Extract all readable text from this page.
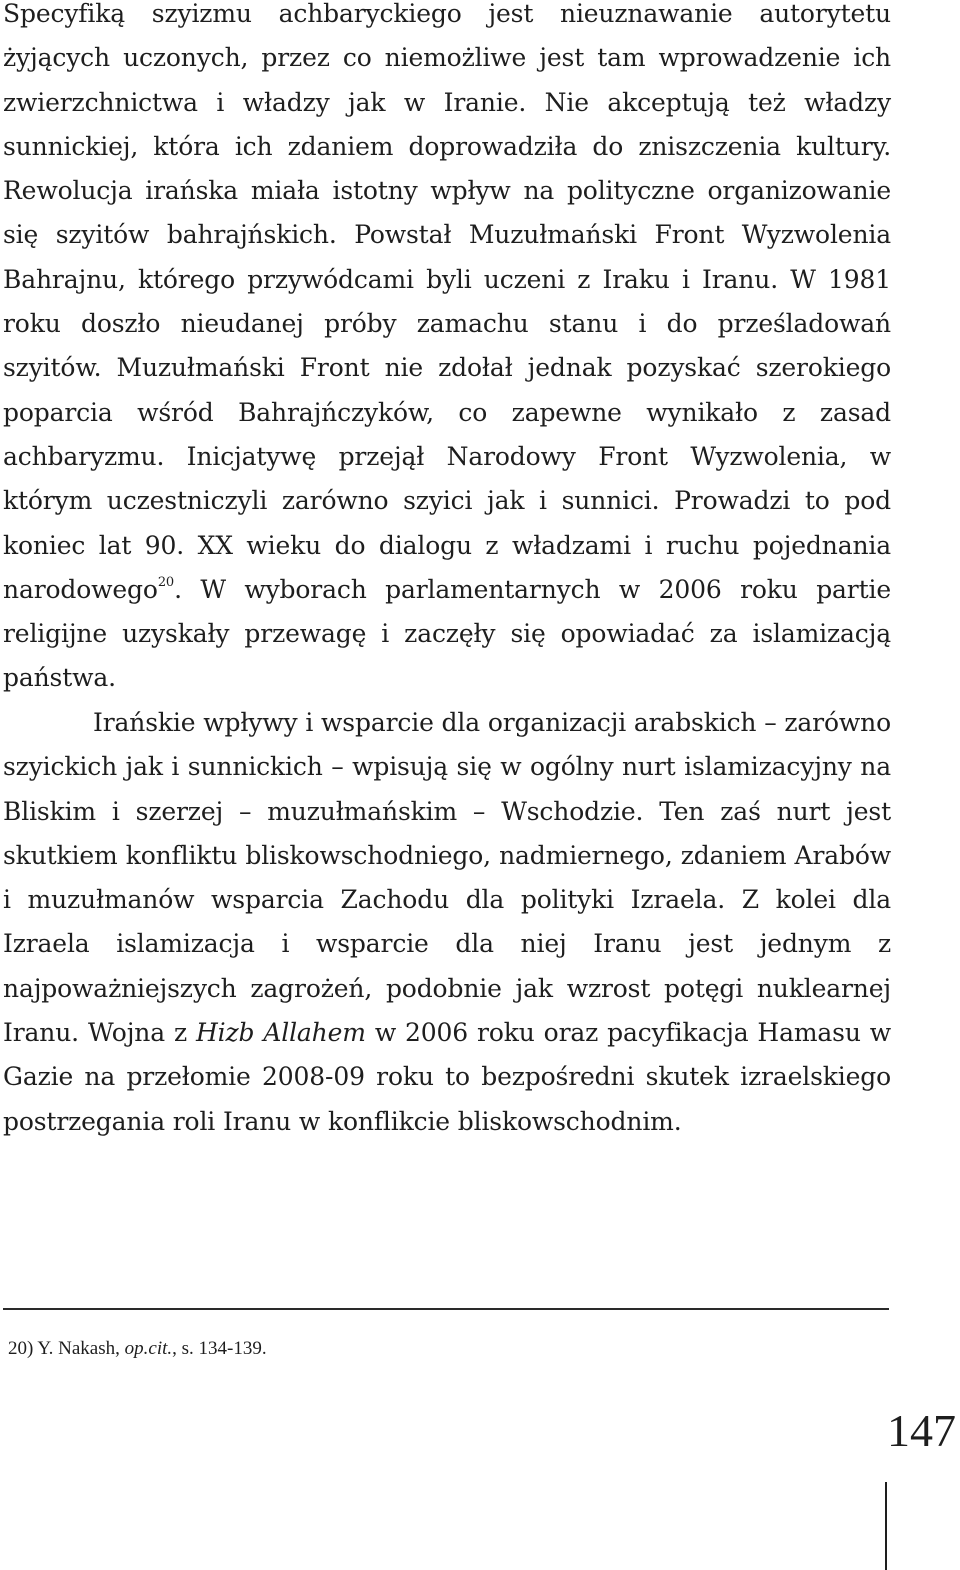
Specyfiką szyizmu achbaryckiego jest nieuznawanie autorytetu żyjących uczonych, przez co niemożliwe jest tam wprowadzenie ich zwierzchnictwa i władzy jak w Iranie. Nie akceptują też władzy sunnickiej, która ich zdaniem doprowadziła do zniszczenia kultury. Rewolucja irańska miała istotny wpływ na polityczne organizowanie się szyitów bahrajńskich. Powstał Muzułmański Front Wyzwolenia Bahrajnu, którego przywódcami byli uczeni z Iraku i Iranu. W 1981 roku doszło nieudanej próby zamachu stanu i do prześladowań szyitów. Muzułmański Front nie zdołał jednak pozyskać szerokiego poparcia wśród Bahrajńczyków, co zapewne wynikało z zasad achbaryzmu. Inicjatywę przejął Narodowy Front Wyzwolenia, w którym uczestniczyli zarówno szyici jak i sunnici. Prowadzi to pod koniec lat 90. XX wieku do dialogu z władzami i ruchu pojednania narodowego$^{20}$. W wyborach parlamentarnych w 2006 roku partie religijne uzyskały przewagę i zaczęły się opowiadać za islamizacją państwa.

Irańskie wpływy i wsparcie dla organizacji arabskich – zarówno szyickich jak i sunnickich – wpisują się w ogólny nurt islamizacyjny na Bliskim i szerzej – muzułmańskim – Wschodzie. Ten zaś nurt jest skutkiem konfliktu bliskowschodniego, nadmiernego, zdaniem Arabów i muzułmanów wsparcia Zachodu dla polityki Izraela. Z kolei dla Izraela islamizacja i wsparcie dla niej Iranu jest jednym z najpoważniejszych zagrożeń, podobnie jak wzrost potęgi nuklearnej Iranu. Wojna z Hizb Allahem w 2006 roku oraz pacyfikacja Hamasu w Gazie na przełomie 2008-09 roku to bezpośredni skutek izraelskiego postrzegania roli Iranu w konflikcie bliskowschodnim.

20) Y. Nakash, op.cit., s. 134-139.
147
